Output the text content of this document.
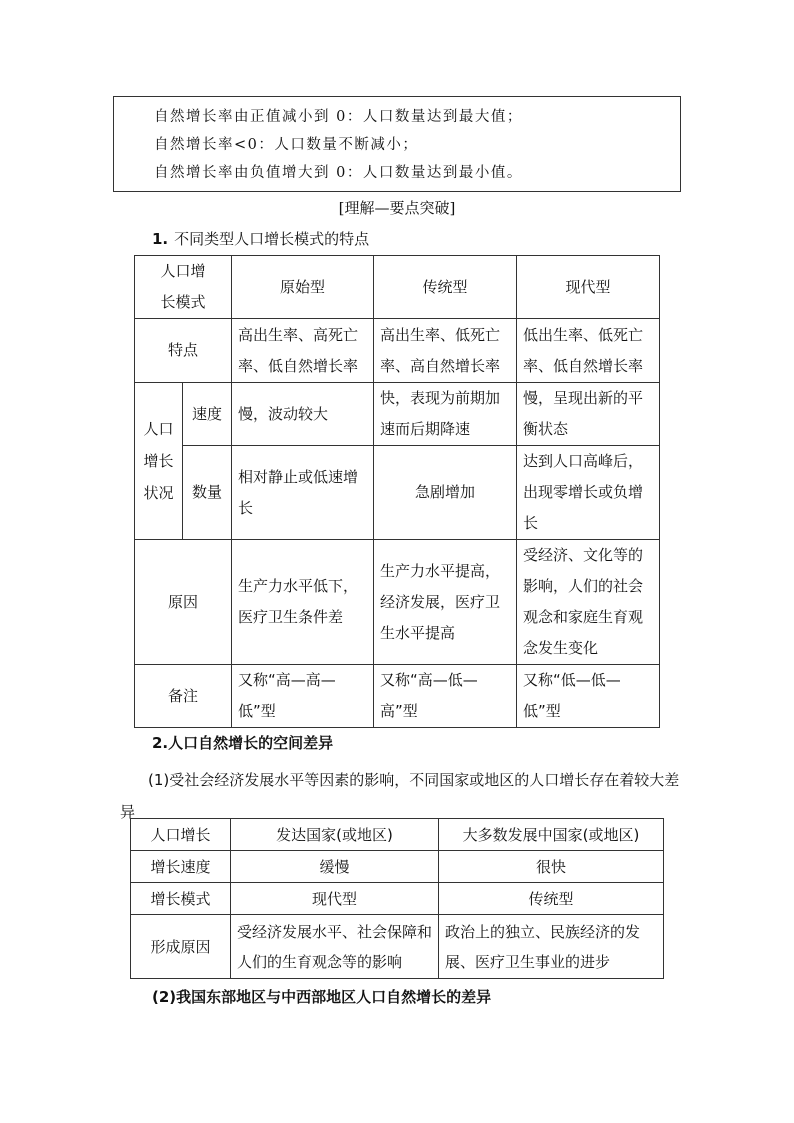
自然增长率由正值减小到 0：人口数量达到最大值；
自然增长率<0：人口数量不断减小；
自然增长率由负值增大到 0：人口数量达到最小值。
[理解—要点突破]
1. 不同类型人口增长模式的特点
人口增
长模式		原始型	传统型	现代型
特点		高出生率、高死亡率、低自然增长率	高出生率、低死亡率、高自然增长率	低出生率、低死亡率、低自然增长率
人口增长状况	速度	慢，波动较大	快，表现为前期加速而后期降速	慢，呈现出新的平衡状态
	数量	相对静止或低速增长	急剧增加	达到人口高峰后，出现零增长或负增长
原因		生产力水平低下，医疗卫生条件差	生产力水平提高，经济发展，医疗卫生水平提高	受经济、文化等的影响，人们的社会观念和家庭生育观念发生变化
备注		又称“高—高—低”型	又称“高—低—高”型	又称“低—低—低”型
2.人口自然增长的空间差异
(1)受社会经济发展水平等因素的影响，不同国家或地区的人口增长存在着较大差异
人口增长	发达国家(或地区)	大多数发展中国家(或地区)
增长速度	缓慢	很快
增长模式	现代型	传统型
形成原因	受经济发展水平、社会保障和人们的生育观念等的影响	政治上的独立、民族经济的发展、医疗卫生事业的进步
(2)我国东部地区与中西部地区人口自然增长的差异
